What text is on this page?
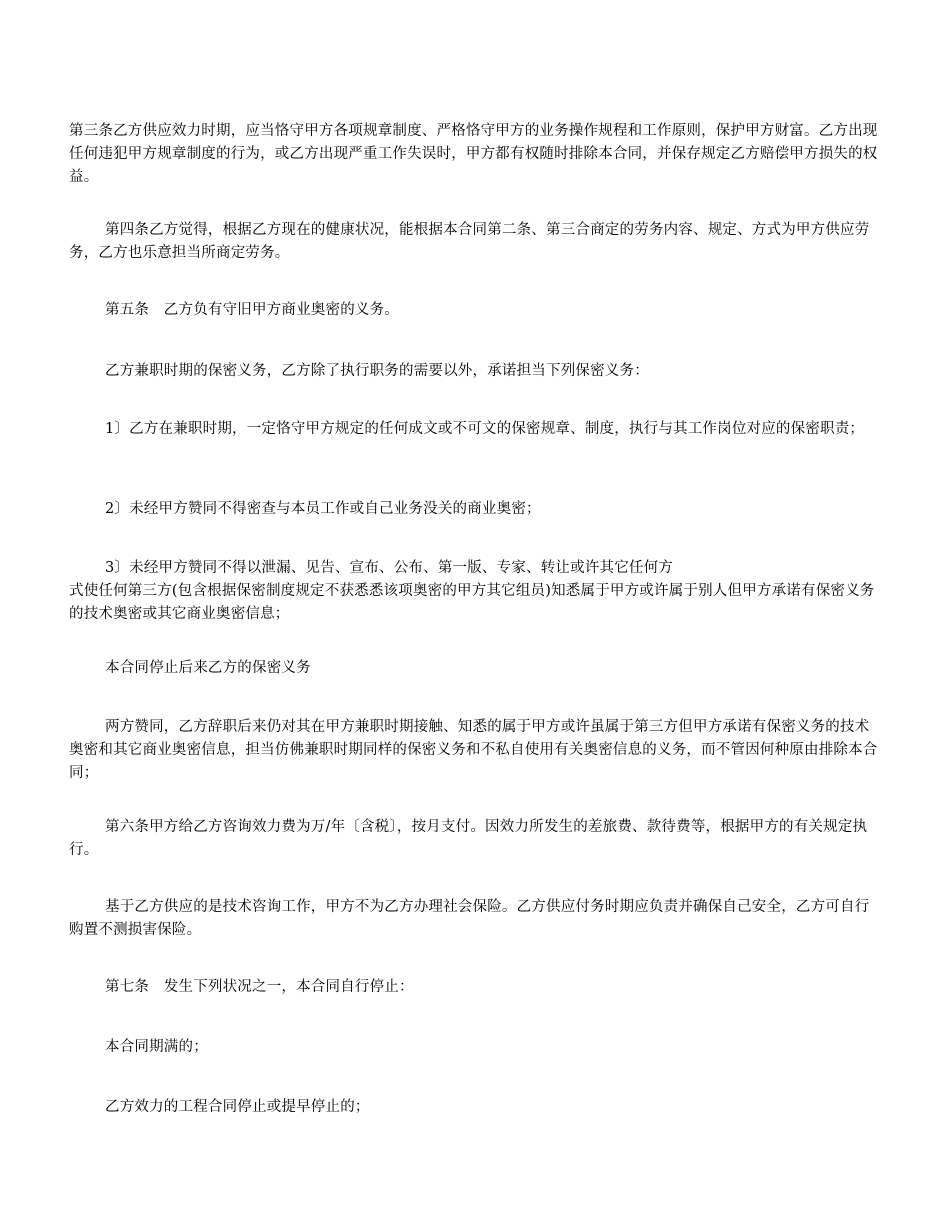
第三条乙方供应效力时期，应当恪守甲方各项规章制度、严格恪守甲方的业务操作规程和工作原则，保护甲方财富。乙方出现任何违犯甲方规章制度的行为，或乙方出现严重工作失误时，甲方都有权随时排除本合同，并保存规定乙方赔偿甲方损失的权益。

第四条乙方觉得，根据乙方现在的健康状况，能根据本合同第二条、第三合商定的劳务内容、规定、方式为甲方供应劳务，乙方也乐意担当所商定劳务。

第五条　乙方负有守旧甲方商业奥密的义务。

乙方兼职时期的保密义务，乙方除了执行职务的需要以外，承诺担当下列保密义务：

1〕乙方在兼职时期，一定恪守甲方规定的任何成文或不可文的保密规章、制度，执行与其工作岗位对应的保密职责；

2〕未经甲方赞同不得密查与本员工作或自己业务没关的商业奥密；

3〕未经甲方赞同不得以泄漏、见告、宣布、公布、第一版、专家、转让或许其它任何方
式使任何第三方(包含根据保密制度规定不获悉悉该项奥密的甲方其它组员)知悉属于甲方或许属于别人但甲方承诺有保密义务的技术奥密或其它商业奥密信息；

本合同停止后来乙方的保密义务

两方赞同，乙方辞职后来仍对其在甲方兼职时期接触、知悉的属于甲方或许虽属于第三方但甲方承诺有保密义务的技术奥密和其它商业奥密信息，担当仿佛兼职时期同样的保密义务和不私自使用有关奥密信息的义务，而不管因何种原由排除本合同；

第六条甲方给乙方咨询效力费为万/年〔含税〕，按月支付。因效力所发生的差旅费、款待费等，根据甲方的有关规定执行。

基于乙方供应的是技术咨询工作，甲方不为乙方办理社会保险。乙方供应付务时期应负责并确保自己安全，乙方可自行购置不测损害保险。

第七条　发生下列状况之一，本合同自行停止：

本合同期满的；

乙方效力的工程合同停止或提早停止的；
